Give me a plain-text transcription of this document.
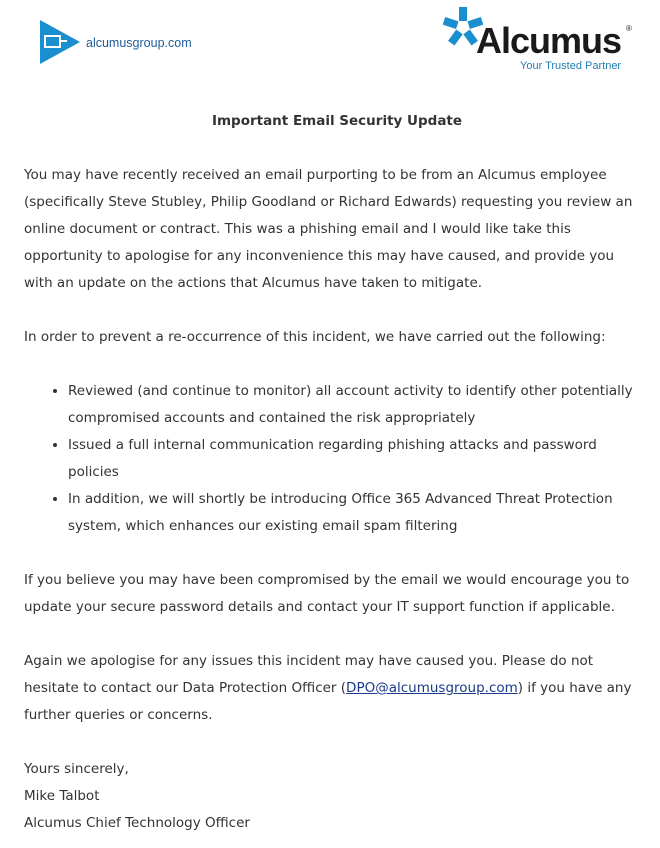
alcumusgroup.com	Alcumus ®
Your Trusted Partner
Important Email Security Update

You may have recently received an email purporting to be from an Alcumus employee (specifically Steve Stubley, Philip Goodland or Richard Edwards) requesting you review an online document or contract. This was a phishing email and I would like take this opportunity to apologise for any inconvenience this may have caused, and provide you with an update on the actions that Alcumus have taken to mitigate.

In order to prevent a re-occurrence of this incident, we have carried out the following:

• Reviewed (and continue to monitor) all account activity to identify other potentially compromised accounts and contained the risk appropriately
• Issued a full internal communication regarding phishing attacks and password policies
• In addition, we will shortly be introducing Office 365 Advanced Threat Protection system, which enhances our existing email spam filtering

If you believe you may have been compromised by the email we would encourage you to update your secure password details and contact your IT support function if applicable.

Again we apologise for any issues this incident may have caused you. Please do not hesitate to contact our Data Protection Officer (DPO@alcumusgroup.com) if you have any further queries or concerns.

Yours sincerely,

Mike Talbot

Alcumus Chief Technology Officer
